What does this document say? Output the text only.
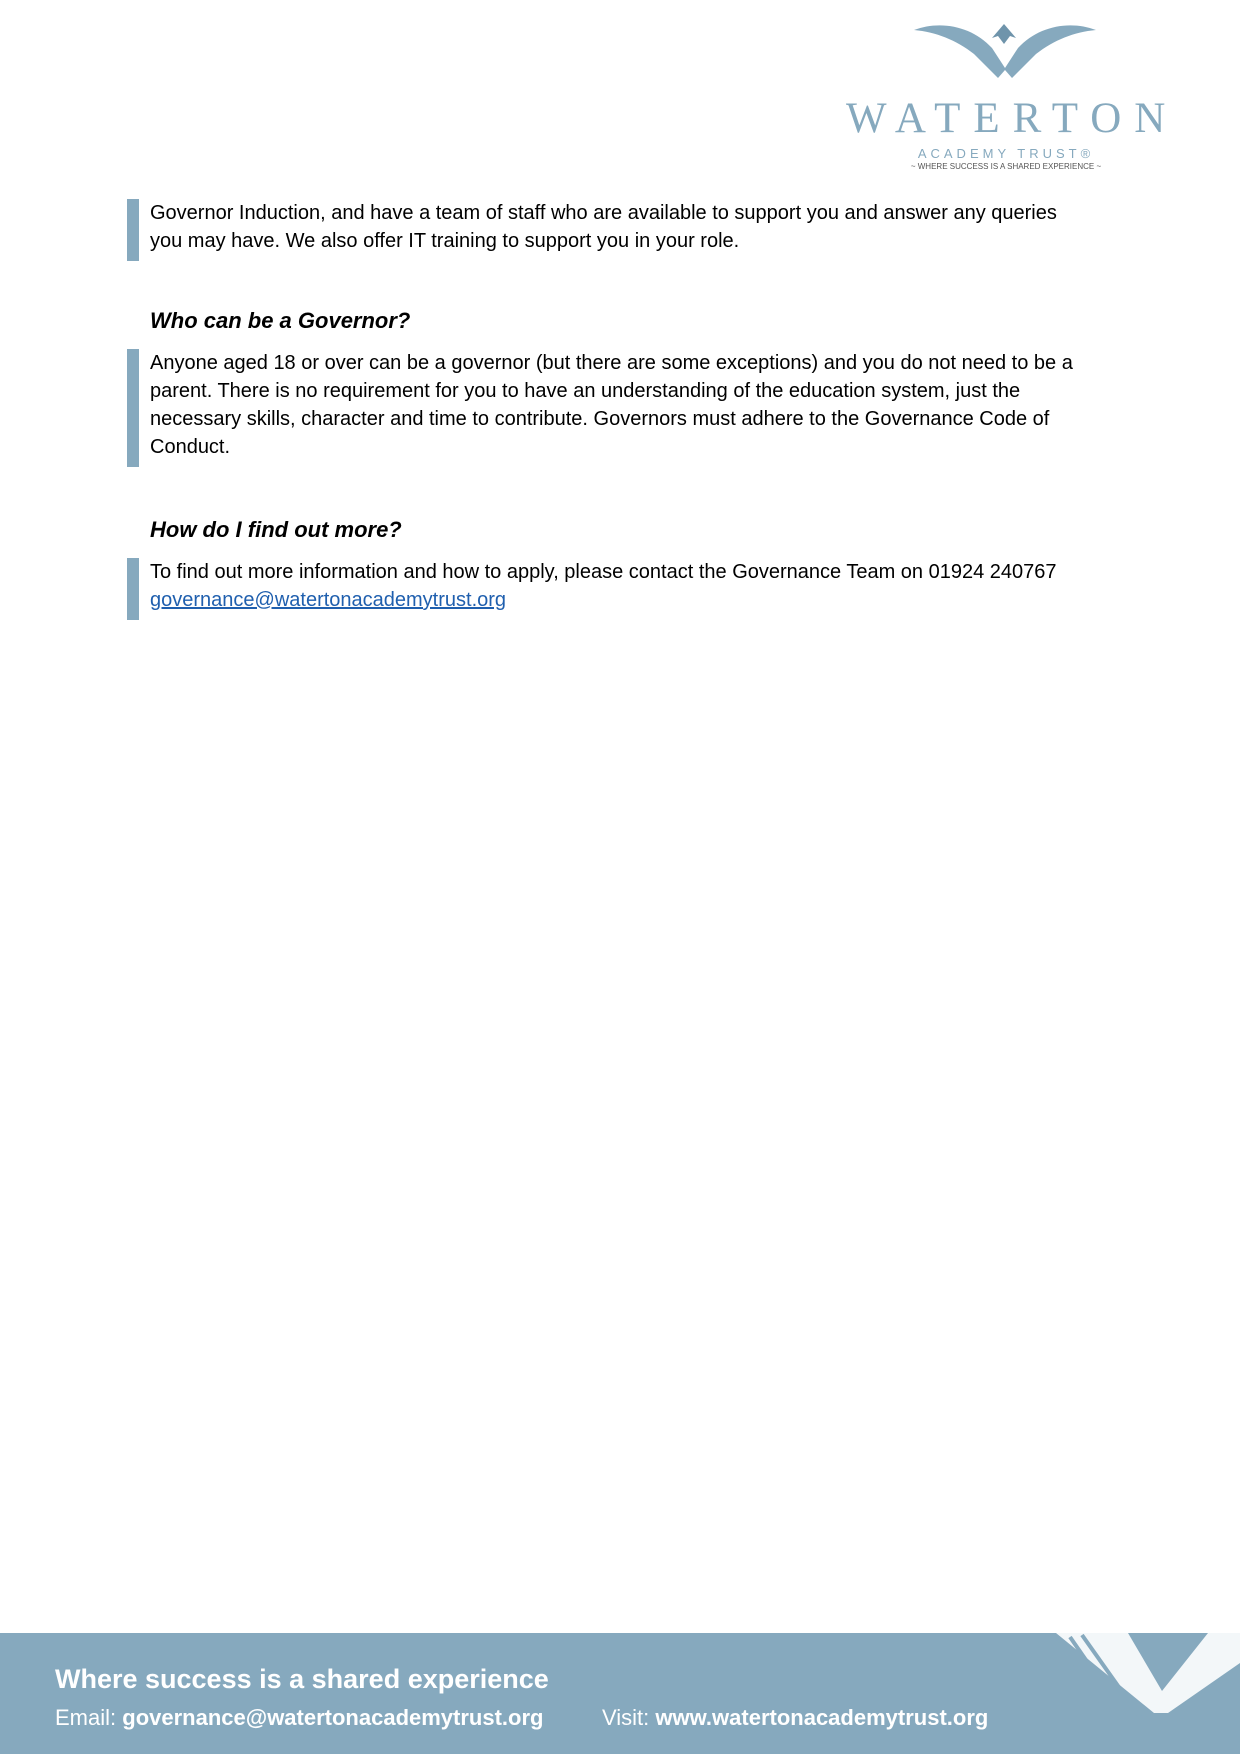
WATERTON
ACADEMY TRUST®
~ WHERE SUCCESS IS A SHARED EXPERIENCE ~
Governor Induction, and have a team of staff who are available to support you and answer any queries you may have. We also offer IT training to support you in your role.
Who can be a Governor?
Anyone aged 18 or over can be a governor (but there are some exceptions) and you do not need to be a parent. There is no requirement for you to have an understanding of the education system, just the necessary skills, character and time to contribute. Governors must adhere to the Governance Code of Conduct.
How do I find out more?
To find out more information and how to apply, please contact the Governance Team on 01924 240767 governance@watertonacademytrust.org
Where success is a shared experience
Email: governance@watertonacademytrust.org	Visit: www.watertonacademytrust.org
